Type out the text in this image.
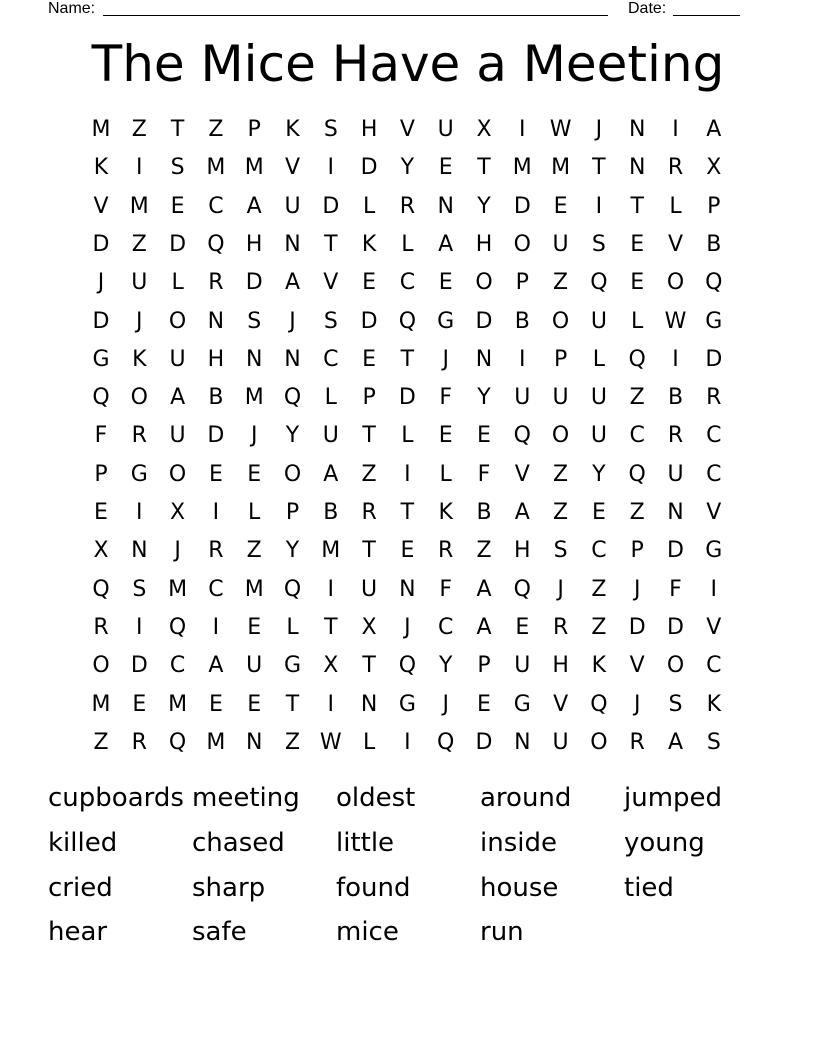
Name:	Date:
The Mice Have a Meeting
M Z	T	Z	P	K	S	H	V	U	X	I	W	J	N	I	A
K	I	S M M V	I	D	Y	E	T	M M	T	N	R	X
V M E	C	A	U D	L	R	N	Y	D	E	I	T	L	P
D	Z	D Q H N	T	K	L	A	H O U	S	E	V	B
J	U	L	R	D	A	V	E	C	E	O	P	Z	Q	E	O Q
D	J	O N	S	J	S	D Q G D	B	O U	L W G
G	K	U H N N	C	E	T	J	N	I	P	L	Q	I	D
Q O	A	B M Q	L	P	D	F	Y	U	U	U	Z	B	R
F	R	U D	J	Y	U	T	L	E	E	Q O U	C	R	C
P	G O	E	E	O	A	Z	I	L	F	V	Z	Y	Q U	C
E	I	X	I	L	P	B	R	T	K	B	A	Z	E	Z	N	V
X	N	J	R	Z	Y	M	T	E	R	Z	H	S	C	P	D G
Q	S M C M Q	I	U	N	F	A	Q	J	Z	J	F	I
R	I	Q	I	E	L	T	X	J	C	A	E	R	Z	D D	V
O D	C	A	U G	X	T	Q	Y	P	U H	K	V	O C
M E M E	E	T	I	N G	J	E	G	V	Q	J	S	K
Z	R Q M N	Z W L	I	Q D N	U O R	A	S
cupboards meeting oldest around jumped
killed	chased little	inside	young
cried	sharp	found	house	tied
hear	safe	mice	run
